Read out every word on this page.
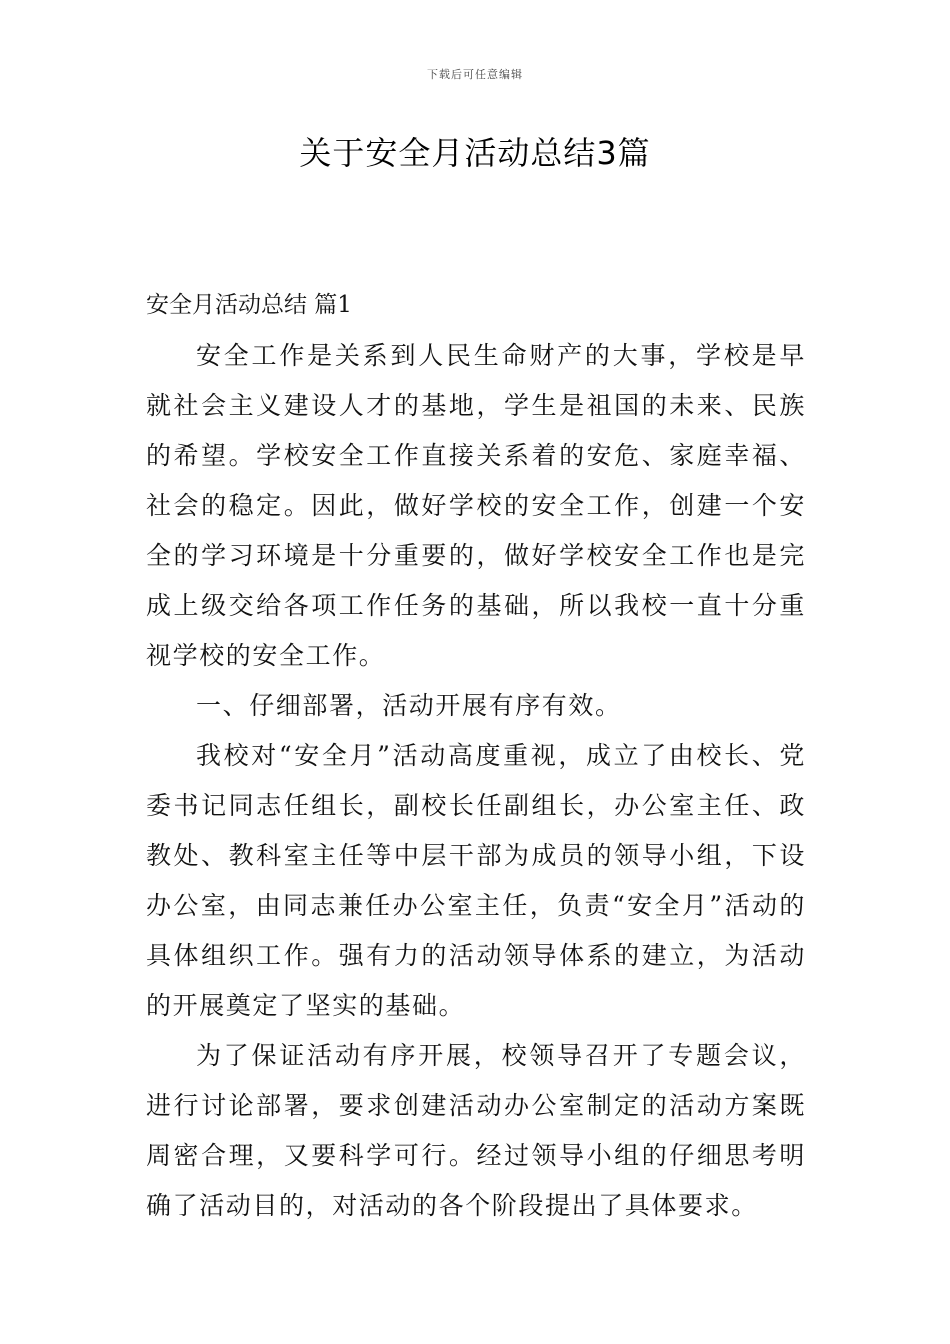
下载后可任意编辑
关于安全月活动总结3篇
安全月活动总结 篇1

安全工作是关系到人民生命财产的大事，学校是早就社会主义建设人才的基地，学生是祖国的未来、民族的希望。学校安全工作直接关系着的安危、家庭幸福、社会的稳定。因此，做好学校的安全工作，创建一个安全的学习环境是十分重要的，做好学校安全工作也是完成上级交给各项工作任务的基础，所以我校一直十分重视学校的安全工作。

一、仔细部署，活动开展有序有效。

我校对“安全月”活动高度重视，成立了由校长、党委书记同志任组长，副校长任副组长，办公室主任、政教处、教科室主任等中层干部为成员的领导小组，下设办公室，由同志兼任办公室主任，负责“安全月”活动的具体组织工作。强有力的活动领导体系的建立，为活动的开展奠定了坚实的基础。

为了保证活动有序开展，校领导召开了专题会议，进行讨论部署，要求创建活动办公室制定的活动方案既周密合理，又要科学可行。经过领导小组的仔细思考明确了活动目的，对活动的各个阶段提出了具体要求。
